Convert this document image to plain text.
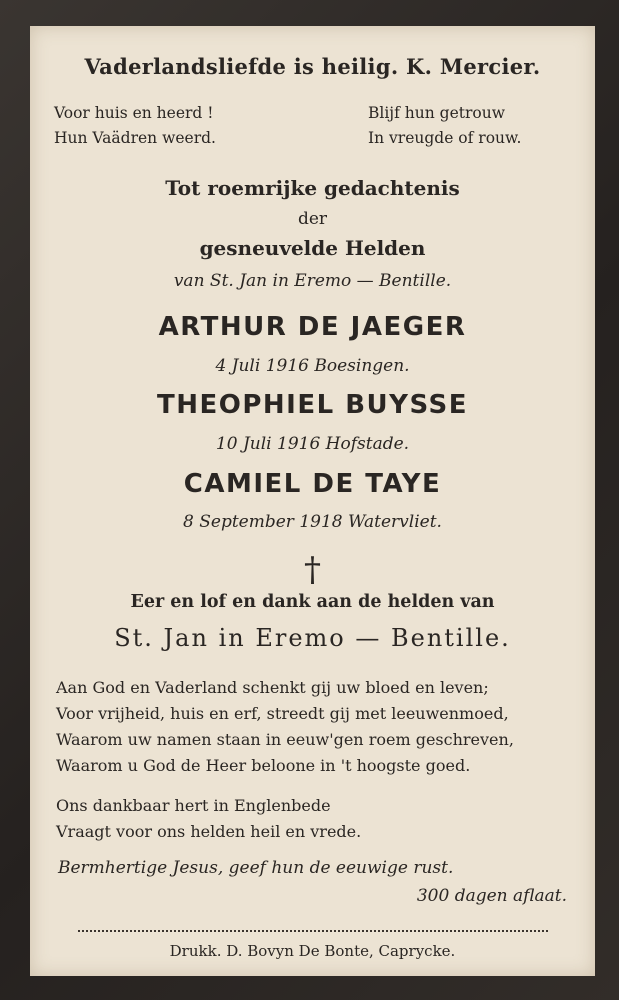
Vaderlandsliefde is heilig. K. Mercier.
Voor huis en heerd !
Hun Vaädren weerd.
Blijf hun getrouw
In vreugde of rouw.
Tot roemrijke gedachtenis
der
gesneuvelde Helden
van St. Jan in Eremo — Bentille.
ARTHUR DE JAEGER
4 Juli 1916 Boesingen.
THEOPHIEL BUYSSE
10 Juli 1916 Hofstade.
CAMIEL DE TAYE
8 September 1918 Watervliet.
†
Eer en lof en dank aan de helden van
St. Jan in Eremo — Bentille.
Aan God en Vaderland schenkt gij uw bloed en leven;
Voor vrijheid, huis en erf, streedt gij met leeuwenmoed,
Waarom uw namen staan in eeuw'gen roem geschreven,
Waarom u God de Heer beloone in 't hoogste goed.
Ons dankbaar hert in Englenbede
Vraagt voor ons helden heil en vrede.
Bermhertige Jesus, geef hun de eeuwige rust.
300 dagen aflaat.
Drukk. D. Bovyn De Bonte, Caprycke.
